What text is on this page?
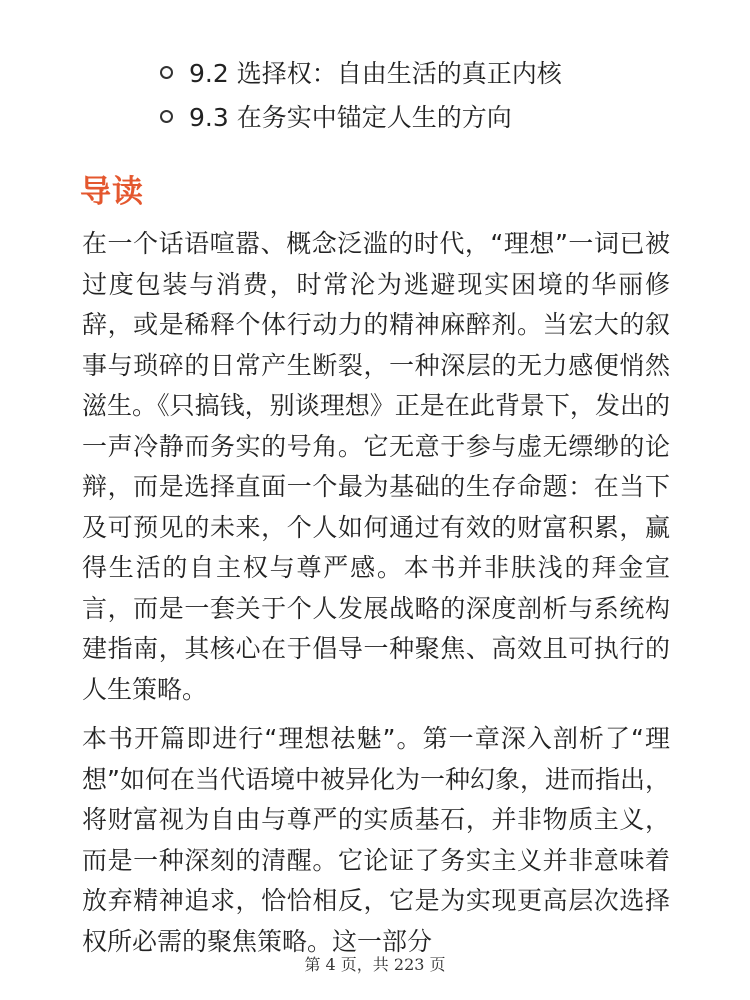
9.2 选择权：自由生活的真正内核
9.3 在务实中锚定人生的方向
导读

在一个话语喧嚣、概念泛滥的时代，“理想”一词已被过度包装与消费，时常沦为逃避现实困境的华丽修辞，或是稀释个体行动力的精神麻醉剂。当宏大的叙事与琐碎的日常产生断裂，一种深层的无力感便悄然滋生。《只搞钱，别谈理想》正是在此背景下，发出的一声冷静而务实的号角。它无意于参与虚无缥缈的论辩，而是选择直面一个最为基础的生存命题：在当下及可预见的未来，个人如何通过有效的财富积累，赢得生活的自主权与尊严感。本书并非肤浅的拜金宣言，而是一套关于个人发展战略的深度剖析与系统构建指南，其核心在于倡导一种聚焦、高效且可执行的人生策略。

本书开篇即进行“理想祛魅”。第一章深入剖析了“理想”如何在当代语境中被异化为一种幻象，进而指出，将财富视为自由与尊严的实质基石，并非物质主义，而是一种深刻的清醒。它论证了务实主义并非意味着放弃精神追求，恰恰相反，它是为实现更高层次选择权所必需的聚焦策略。这一部分

第 4 页，共 223 页
